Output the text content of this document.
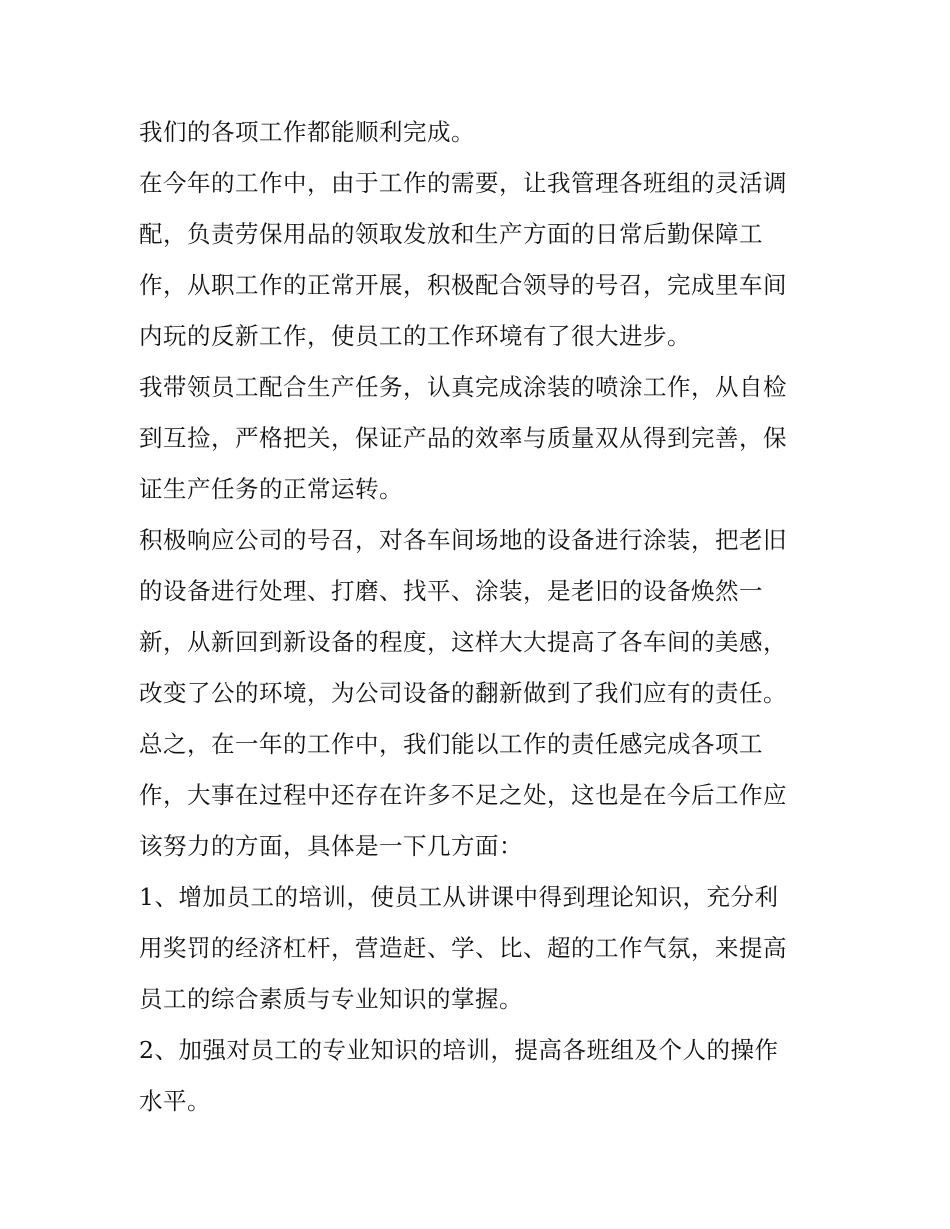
我们的各项工作都能顺利完成。

在今年的工作中，由于工作的需要，让我管理各班组的灵活调
配，负责劳保用品的领取发放和生产方面的日常后勤保障工
作，从职工作的正常开展，积极配合领导的号召，完成里车间
内玩的反新工作，使员工的工作环境有了很大进步。

我带领员工配合生产任务，认真完成涂装的喷涂工作，从自检
到互捡，严格把关，保证产品的效率与质量双从得到完善，保
证生产任务的正常运转。

积极响应公司的号召，对各车间场地的设备进行涂装，把老旧
的设备进行处理、打磨、找平、涂装，是老旧的设备焕然一
新，从新回到新设备的程度，这样大大提高了各车间的美感，
改变了公的环境，为公司设备的翻新做到了我们应有的责任。

总之，在一年的工作中，我们能以工作的责任感完成各项工
作，大事在过程中还存在许多不足之处，这也是在今后工作应
该努力的方面，具体是一下几方面：

1、增加员工的培训，使员工从讲课中得到理论知识，充分利
用奖罚的经济杠杆，营造赶、学、比、超的工作气氛，来提高
员工的综合素质与专业知识的掌握。

2、加强对员工的专业知识的培训，提高各班组及个人的操作
水平。
